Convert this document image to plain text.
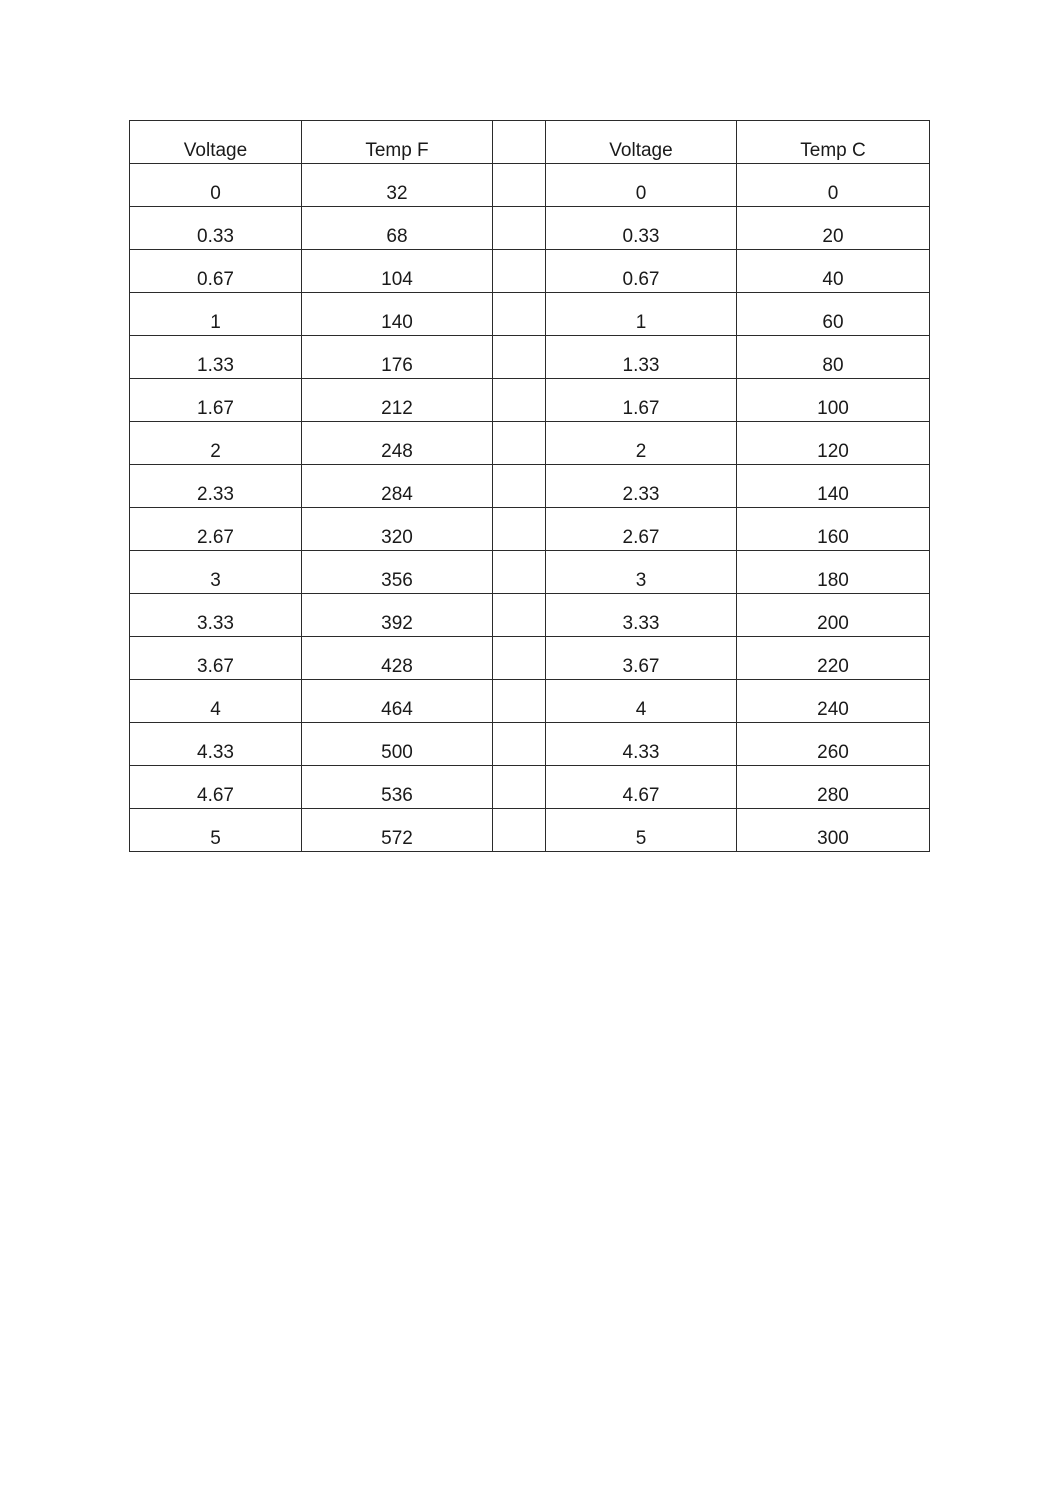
Voltage	Temp F		Voltage	Temp C
0	32		0	0
0.33	68		0.33	20
0.67	104		0.67	40
1	140		1	60
1.33	176		1.33	80
1.67	212		1.67	100
2	248		2	120
2.33	284		2.33	140
2.67	320		2.67	160
3	356		3	180
3.33	392		3.33	200
3.67	428		3.67	220
4	464		4	240
4.33	500		4.33	260
4.67	536		4.67	280
5	572		5	300
